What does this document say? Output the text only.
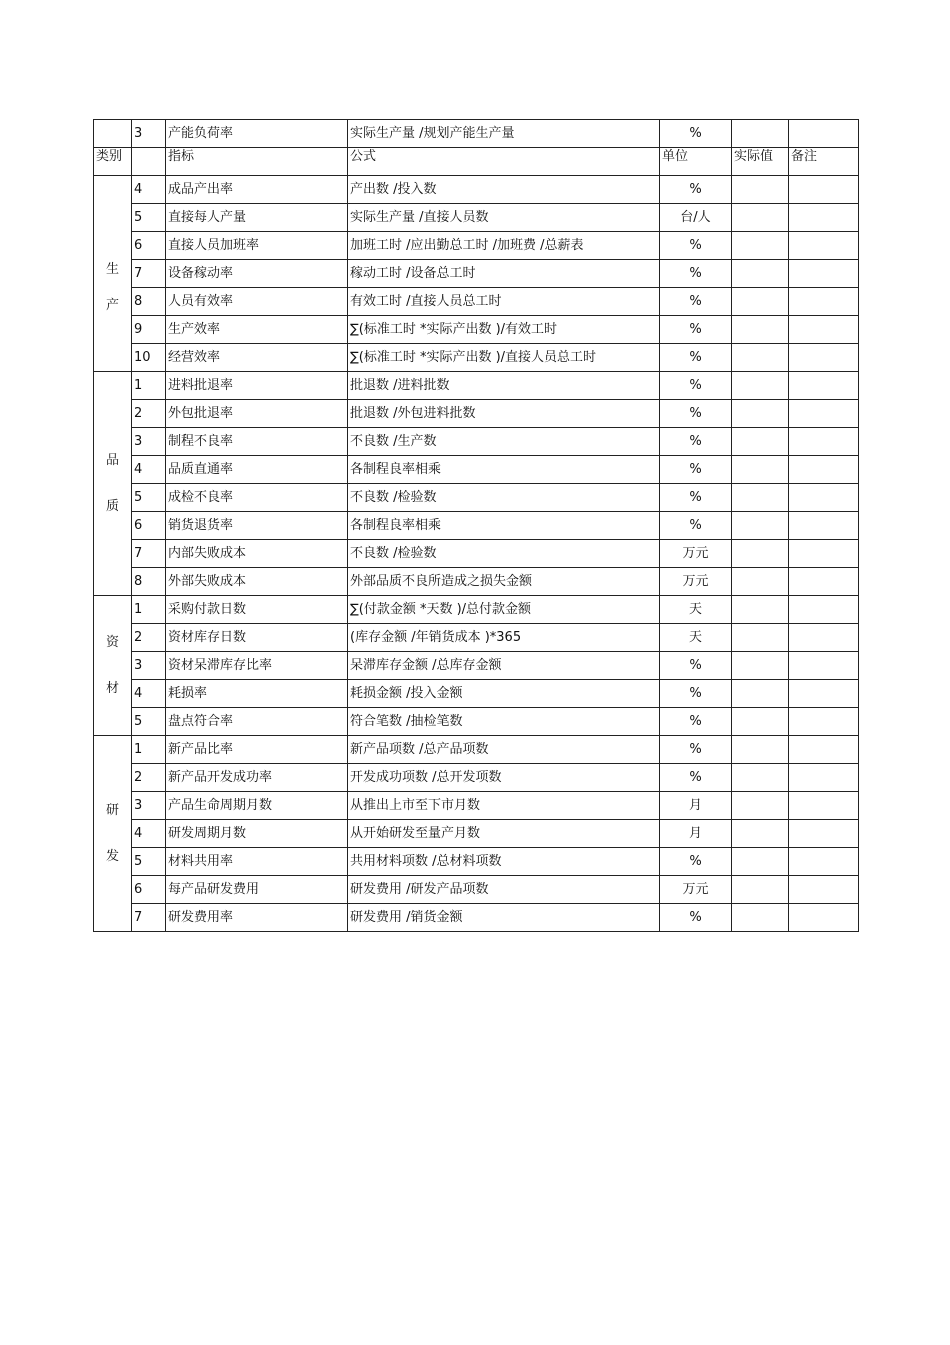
	3	产能负荷率	实际生产量 /规划产能生产量	%		
类别		指标	公式	单位	实际值	备注

生
产	4	成品产出率	产出数 /投入数	%		
	5	直接每人产量	实际生产量 /直接人员数	台/人		
	6	直接人员加班率	加班工时 /应出勤总工时 /加班费 /总薪表	%		
	7	设备稼动率	稼动工时 /设备总工时	%		
	8	人员有效率	有效工时 /直接人员总工时	%		
	9	生产效率	∑(标准工时 *实际产出数 )/有效工时	%		
	10	经营效率	∑(标准工时 *实际产出数 )/直接人员总工时	%		

品
质	1	进料批退率	批退数 /进料批数	%		
	2	外包批退率	批退数 /外包进料批数	%		
	3	制程不良率	不良数 /生产数	%		
	4	品质直通率	各制程良率相乘	%		
	5	成检不良率	不良数 /检验数	%		
	6	销货退货率	各制程良率相乘	%		
	7	内部失败成本	不良数 /检验数	万元		
	8	外部失败成本	外部品质不良所造成之损失金额	万元		

资
材	1	采购付款日数	∑(付款金额 *天数 )/总付款金额	天		
	2	资材库存日数	(库存金额 /年销货成本 )*365	天		
	3	资材呆滞库存比率	呆滞库存金额 /总库存金额	%		
	4	耗损率	耗损金额 /投入金额	%		
	5	盘点符合率	符合笔数 /抽检笔数	%		

研
发	1	新产品比率	新产品项数 /总产品项数	%		
	2	新产品开发成功率	开发成功项数 /总开发项数	%		
	3	产品生命周期月数	从推出上市至下市月数	月		
	4	研发周期月数	从开始研发至量产月数	月		
	5	材料共用率	共用材料项数 /总材料项数	%		
	6	每产品研发费用	研发费用 /研发产品项数	万元		
	7	研发费用率	研发费用 /销货金额	%		
